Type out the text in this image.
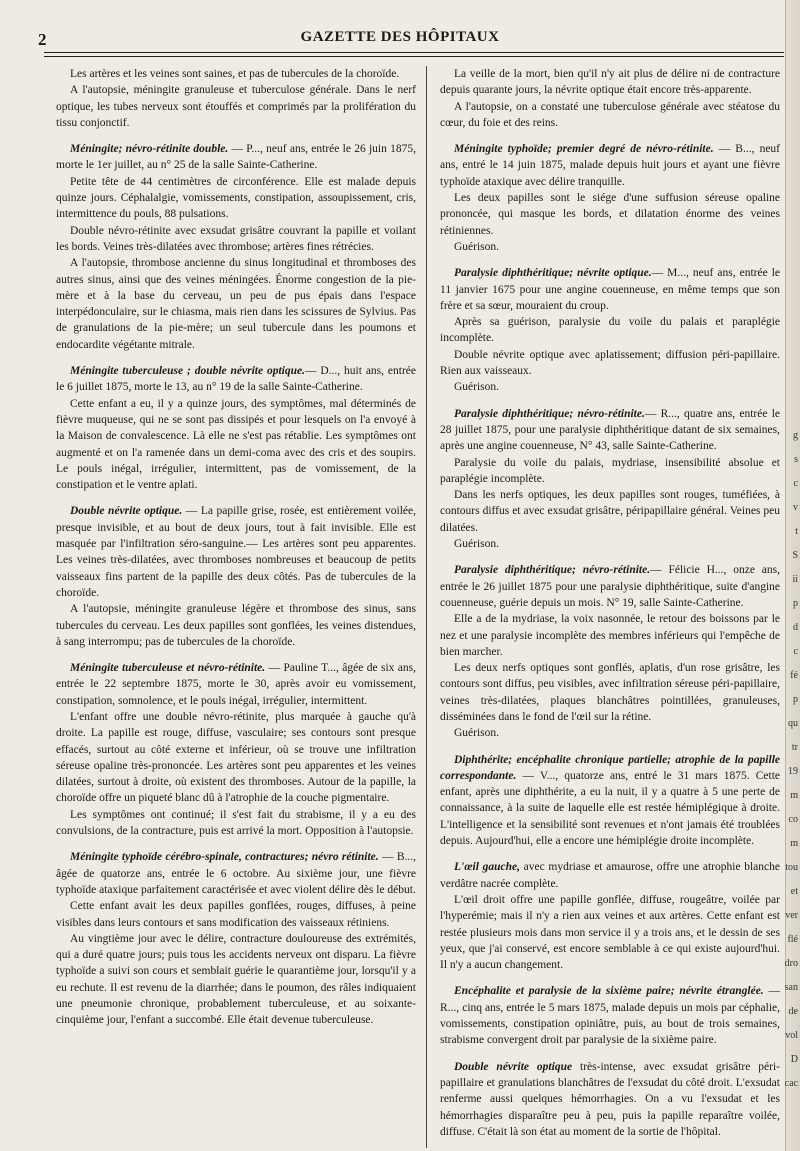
2	GAZETTE DES HÔPITAUX

Les artères et les veines sont saines, et pas de tubercules de la choroïde.

A l'autopsie, méningite granuleuse et tuberculose générale. Dans le nerf optique, les tubes nerveux sont étouffés et comprimés par la prolifération du tissu conjonctif.

Méningite; névro-rétinite double. — P..., neuf ans, entrée le 26 juin 1875, morte le 1er juillet, au n° 25 de la salle Sainte-Catherine.

Petite tête de 44 centimètres de circonférence. Elle est malade depuis quinze jours. Céphalalgie, vomissements, constipation, assoupissement, cris, intermittence du pouls, 88 pulsations.

Double névro-rétinite avec exsudat grisâtre couvrant la papille et voilant les bords. Veines très-dilatées avec thrombose; artères fines rétrécies.

A l'autopsie, thrombose ancienne du sinus longitudinal et thromboses des autres sinus, ainsi que des veines méningées. Énorme congestion de la pie-mère et à la base du cerveau, un peu de pus épais dans l'espace interpédonculaire, sur le chiasma, mais rien dans les scissures de Sylvius. Pas de granulations de la pie-mère; un seul tubercule dans les poumons et endocardite végétante mitrale.

Méningite tuberculeuse ; double névrite optique.— D..., huit ans, entrée le 6 juillet 1875, morte le 13, au n° 19 de la salle Sainte-Catherine.

Cette enfant a eu, il y a quinze jours, des symptômes, mal déterminés de fièvre muqueuse, qui ne se sont pas dissipés et pour lesquels on l'a envoyé à la Maison de convalescence. Là elle ne s'est pas rétablie. Les symptômes ont augmenté et on l'a ramenée dans un demi-coma avec des cris et des soupirs. Le pouls inégal, irrégulier, intermittent, pas de vomissement, de la constipation et le ventre aplati.

Double névrite optique. — La papille grise, rosée, est entièrement voilée, presque invisible, et au bout de deux jours, tout à fait invisible. Elle est masquée par l'infiltration séro-sanguine.— Les artères sont peu apparentes. Les veines très-dilatées, avec thromboses nombreuses et beaucoup de petits vaisseaux fins partent de la papille des deux côtés. Pas de tubercules de la choroïde.

A l'autopsie, méningite granuleuse légère et thrombose des sinus, sans tubercules du cerveau. Les deux papilles sont gonflées, les veines distendues, à sang interrompu; pas de tubercules de la choroïde.

Méningite tuberculeuse et névro-rétinite. — Pauline T..., âgée de six ans, entrée le 22 septembre 1875, morte le 30, après avoir eu vomissement, constipation, somnolence, et le pouls inégal, irrégulier, intermittent.

L'enfant offre une double névro-rétinite, plus marquée à gauche qu'à droite. La papille est rouge, diffuse, vasculaire; ses contours sont presque effacés, surtout au côté externe et inférieur, où se trouve une infiltration séreuse opaline très-prononcée. Les artères sont peu apparentes et les veines dilatées, surtout à droite, où existent des thromboses. Autour de la papille, la choroïde offre un piqueté blanc dû à l'atrophie de la couche pigmentaire.

Les symptômes ont continué; il s'est fait du strabisme, il y a eu des convulsions, de la contracture, puis est arrivé la mort. Opposition à l'autopsie.

Méningite typhoïde cérébro-spinale, contractures; névro rétinite. — B..., âgée de quatorze ans, entrée le 6 octobre. Au sixième jour, une fièvre typhoïde ataxique parfaitement caractérisée et avec violent délire dès le début.

Cette enfant avait les deux papilles gonflées, rouges, diffuses, à peine visibles dans leurs contours et sans modification des vaisseaux rétiniens.

Au vingtième jour avec le délire, contracture douloureuse des extrémités, qui a duré quatre jours; puis tous les accidents nerveux ont disparu. La fièvre typhoïde a suivi son cours et semblait guérie le quarantième jour, lorsqu'il y a eu rechute. Il est revenu de la diarrhée; dans le poumon, des râles indiquaient une pneumonie chronique, probablement tuberculeuse, et au soixante-cinquième jour, l'enfant a succombé. Elle était devenue tuberculeuse.

La veille de la mort, bien qu'il n'y ait plus de délire ni de contracture depuis quarante jours, la névrite optique était encore très-apparente.

A l'autopsie, on a constaté une tuberculose générale avec stéatose du cœur, du foie et des reins.

Méningite typhoïde; premier degré de névro-rétinite. — B..., neuf ans, entré le 14 juin 1875, malade depuis huit jours et ayant une fièvre typhoïde ataxique avec délire tranquille.

Les deux papilles sont le siége d'une suffusion séreuse opaline prononcée, qui masque les bords, et dilatation énorme des veines rétiniennes.

Guérison.

Paralysie diphthéritique; névrite optique.— M..., neuf ans, entrée le 11 janvier 1675 pour une angine couenneuse, en même temps que son frère et sa sœur, mouraient du croup.

Après sa guérison, paralysie du voile du palais et paraplégie incomplète.

Double névrite optique avec aplatissement; diffusion péri-papillaire. Rien aux vaisseaux.

Guérison.

Paralysie diphthéritique; névro-rétinite.— R..., quatre ans, entrée le 28 juillet 1875, pour une paralysie diphthéritique datant de six semaines, après une angine couenneuse, N° 43, salle Sainte-Catherine.

Paralysie du voile du palais, mydriase, insensibilité absolue et paraplégie incomplète.

Dans les nerfs optiques, les deux papilles sont rouges, tuméfiées, à contours diffus et avec exsudat grisâtre, péripapillaire général. Veines peu dilatées.

Guérison.

Paralysie diphthéritique; névro-rétinite.— Félicie H..., onze ans, entrée le 26 juillet 1875 pour une paralysie diphthéritique, suite d'angine couenneuse, guérie depuis un mois. N° 19, salle Sainte-Catherine.

Elle a de la mydriase, la voix nasonnée, le retour des boissons par le nez et une paralysie incomplète des membres inférieurs qui l'empêche de bien marcher.

Les deux nerfs optiques sont gonflés, aplatis, d'un rose grisâtre, les contours sont diffus, peu visibles, avec infiltration séreuse péri-papillaire, veines très-dilatées, plaques blanchâtres pointillées, granuleuses, disséminées dans le fond de l'œil sur la rétine.

Guérison.

Diphthérite; encéphalite chronique partielle; atrophie de la papille correspondante. — V..., quatorze ans, entré le 31 mars 1875. Cette enfant, après une diphthérite, a eu la nuit, il y a quatre à 5 une perte de connaissance, à la suite de laquelle elle est restée hémiplégique à droite. L'intelligence et la sensibilité sont revenues et n'ont jamais été troublées depuis. Aujourd'hui, elle a encore une hémiplégie droite incomplète.

L'œil gauche, avec mydriase et amaurose, offre une atrophie blanche verdâtre nacrée complète.

L'œil droit offre une papille gonflée, diffuse, rougeâtre, voilée par l'hyperémie; mais il n'y a rien aux veines et aux artères. Cette enfant est restée plusieurs mois dans mon service il y a trois ans, et le dessin de ses yeux, que j'ai conservé, est encore semblable à ce qui existe aujourd'hui. Il n'y a aucun changement.

Encéphalite et paralysie de la sixième paire; névrite étranglée. — R..., cinq ans, entrée le 5 mars 1875, malade depuis un mois par céphalie, vomissements, constipation opiniâtre, puis, au bout de trois semaines, strabisme convergent droit par paralysie de la sixième paire.

Double névrite optique très-intense, avec exsudat grisâtre péri-papillaire et granulations blanchâtres de l'exsudat du côté droit. L'exsudat renferme aussi quelques hémorrhagies. On a vu l'exsudat et les hémorrhagies disparaître peu à peu, puis la papille reparaître voilée, diffuse. C'était là son état au moment de la sortie de l'hôpital.

g
s
c
v
t
S
ii
p
d
c
fé
p
qu
tr
19
m
co
m
tou
et
ver
flé
dro
san
de
vol
D
cac
